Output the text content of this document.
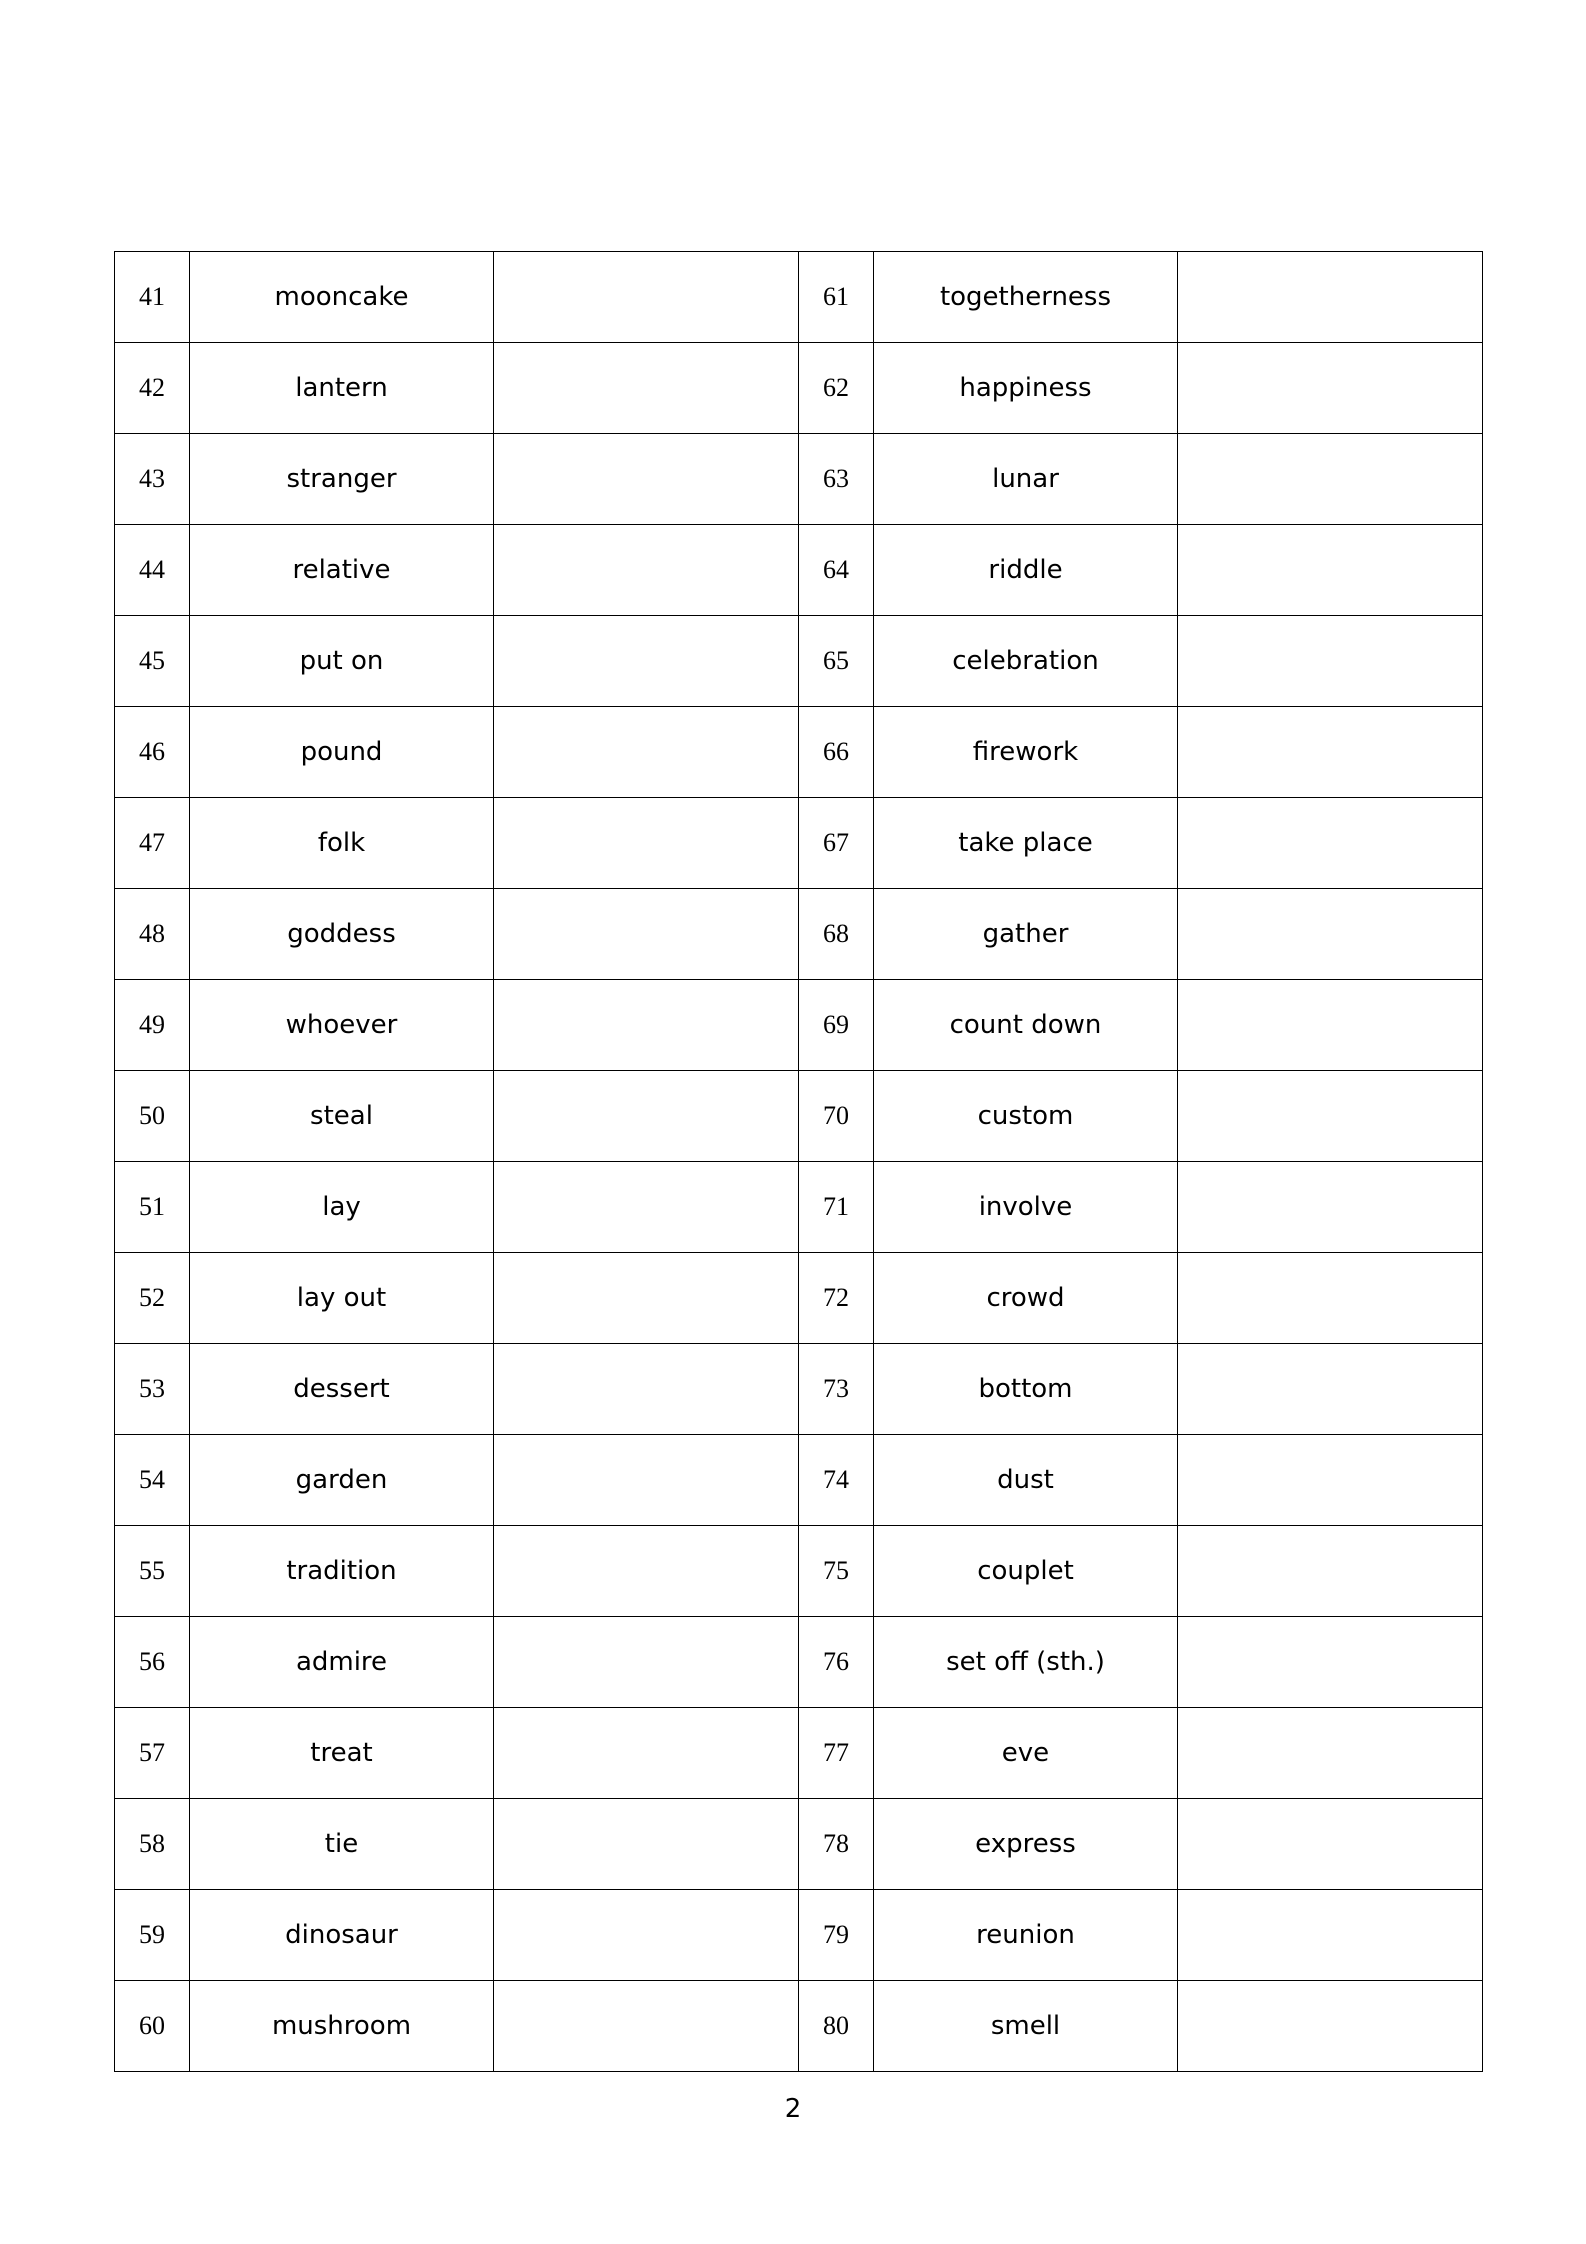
41	mooncake		61	togetherness	
42	lantern		62	happiness	
43	stranger		63	lunar	
44	relative		64	riddle	
45	put on		65	celebration	
46	pound		66	firework	
47	folk		67	take place	
48	goddess		68	gather	
49	whoever		69	count down	
50	steal		70	custom	
51	lay		71	involve	
52	lay out		72	crowd	
53	dessert		73	bottom	
54	garden		74	dust	
55	tradition		75	couplet	
56	admire		76	set off (sth.)	
57	treat		77	eve	
58	tie		78	express	
59	dinosaur		79	reunion	
60	mushroom		80	smell	
2
